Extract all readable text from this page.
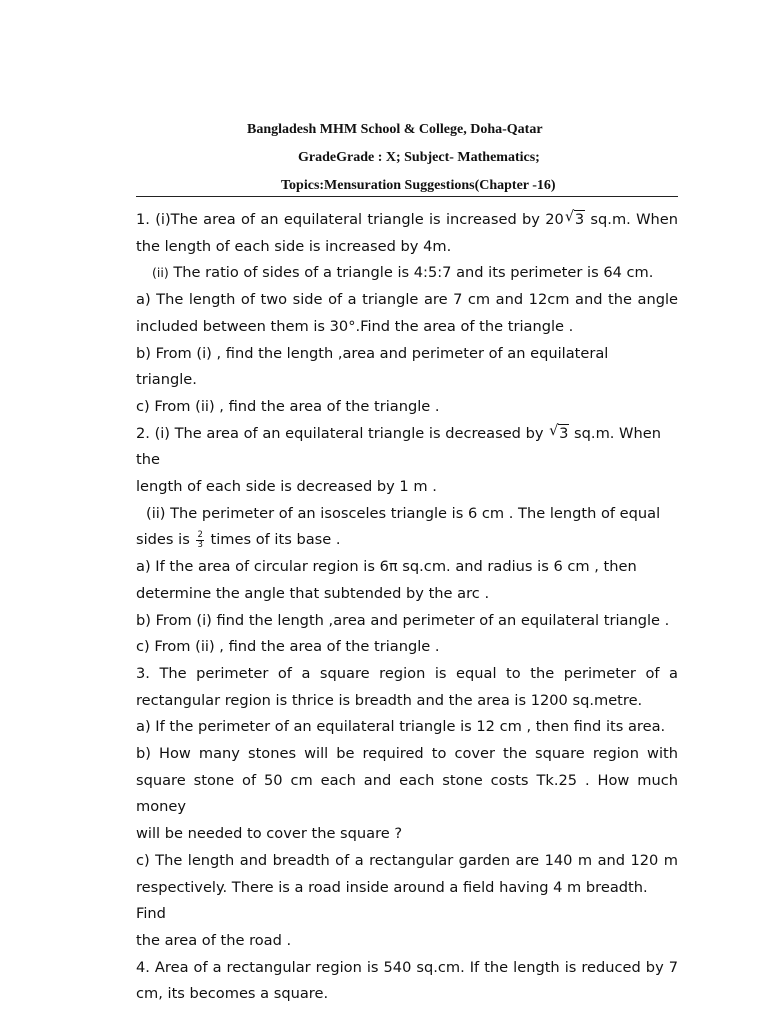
Bangladesh MHM School & College, Doha-Qatar
GradeGrade : X; Subject- Mathematics;
Topics:Mensuration Suggestions(Chapter -16)

1. (i)The area of an equilateral triangle is increased by 20 √ 3 sq.m. When

the length of each side is increased by 4m.

(ii) The ratio of sides of a triangle is 4:5:7 and its perimeter is 64 cm.

a) The length of two side of a triangle are 7 cm and 12cm and the angle

included between them is 30°.Find the area of the triangle .

b) From (i) , find the length ,area and perimeter of an equilateral

triangle.

c) From (ii) , find the area of the triangle .

2. (i) The area of an equilateral triangle is decreased by √ 3 sq.m. When the

length of each side is decreased by 1 m .

(ii) The perimeter of an isosceles triangle is 6 cm . The length of equal

sides is $\frac{2}{3}$ times of its base .

a) If the area of circular region is 6π sq.cm. and radius is 6 cm , then

determine the angle that subtended by the arc .

b) From (i) find the length ,area and perimeter of an equilateral triangle .

c) From (ii) , find the area of the triangle .

3. The perimeter of a square region is equal to the perimeter of a

rectangular region is thrice is breadth and the area is 1200 sq.metre.

a) If the perimeter of an equilateral triangle is 12 cm , then find its area.

b) How many stones will be required to cover the square region with

square stone of 50 cm each and each stone costs Tk.25 . How much money

will be needed to cover the square ?

c) The length and breadth of a rectangular garden are 140 m and 120 m

respectively. There is a road inside around a field having 4 m breadth. Find

the area of the road .

4. Area of a rectangular region is 540 sq.cm. If the length is reduced by 7

cm, its becomes a square.
